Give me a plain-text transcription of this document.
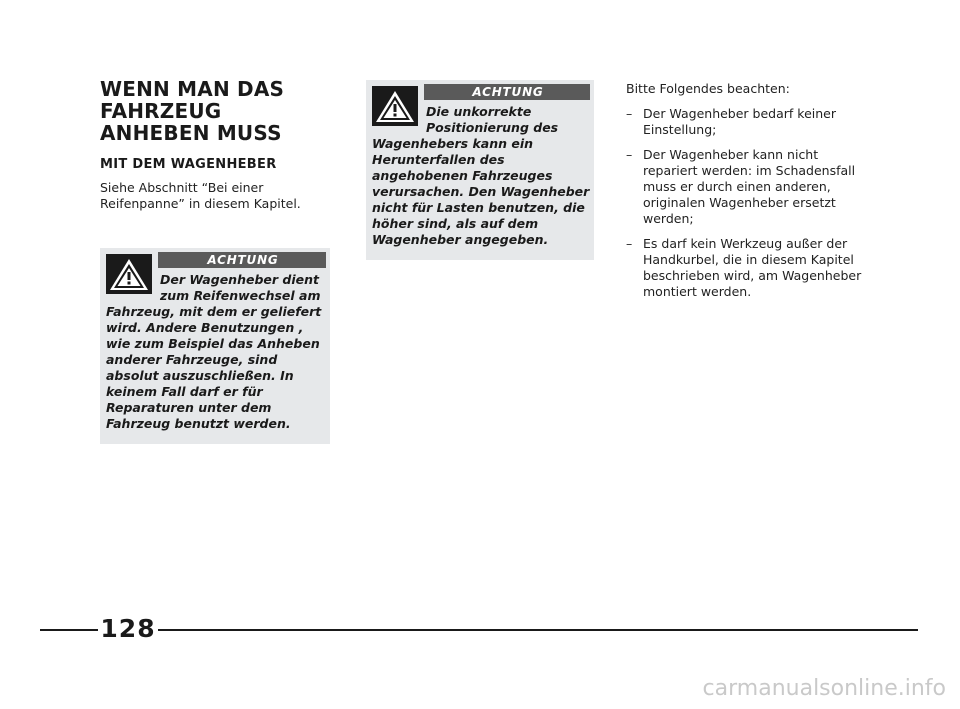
WENN MAN DAS FAHRZEUG ANHEBEN MUSS
MIT DEM WAGENHEBER
Siehe Abschnitt “Bei einer Reifenpanne” in diesem Kapitel.
ACHTUNG
Der Wagenheber dient zum Reifenwechsel am Fahrzeug, mit dem er geliefert wird. Andere Benutzungen , wie zum Beispiel das Anheben anderer Fahrzeuge, sind absolut auszuschließen. In keinem Fall darf er für Reparaturen unter dem Fahrzeug benutzt werden.
ACHTUNG
Die unkorrekte Positionierung des Wagenhebers kann ein Herunterfallen des angehobenen Fahrzeuges verursachen. Den Wagenheber nicht für Lasten benutzen, die höher sind, als auf dem Wagenheber angegeben.
Bitte Folgendes beachten:
– Der Wagenheber bedarf keiner Einstellung;
– Der Wagenheber kann nicht repariert werden: im Schadensfall muss er durch einen anderen, originalen Wagenheber ersetzt werden;
– Es darf kein Werkzeug außer der Handkurbel, die in diesem Kapitel beschrieben wird, am Wagenheber montiert werden.
128
carmanualsonline.info
